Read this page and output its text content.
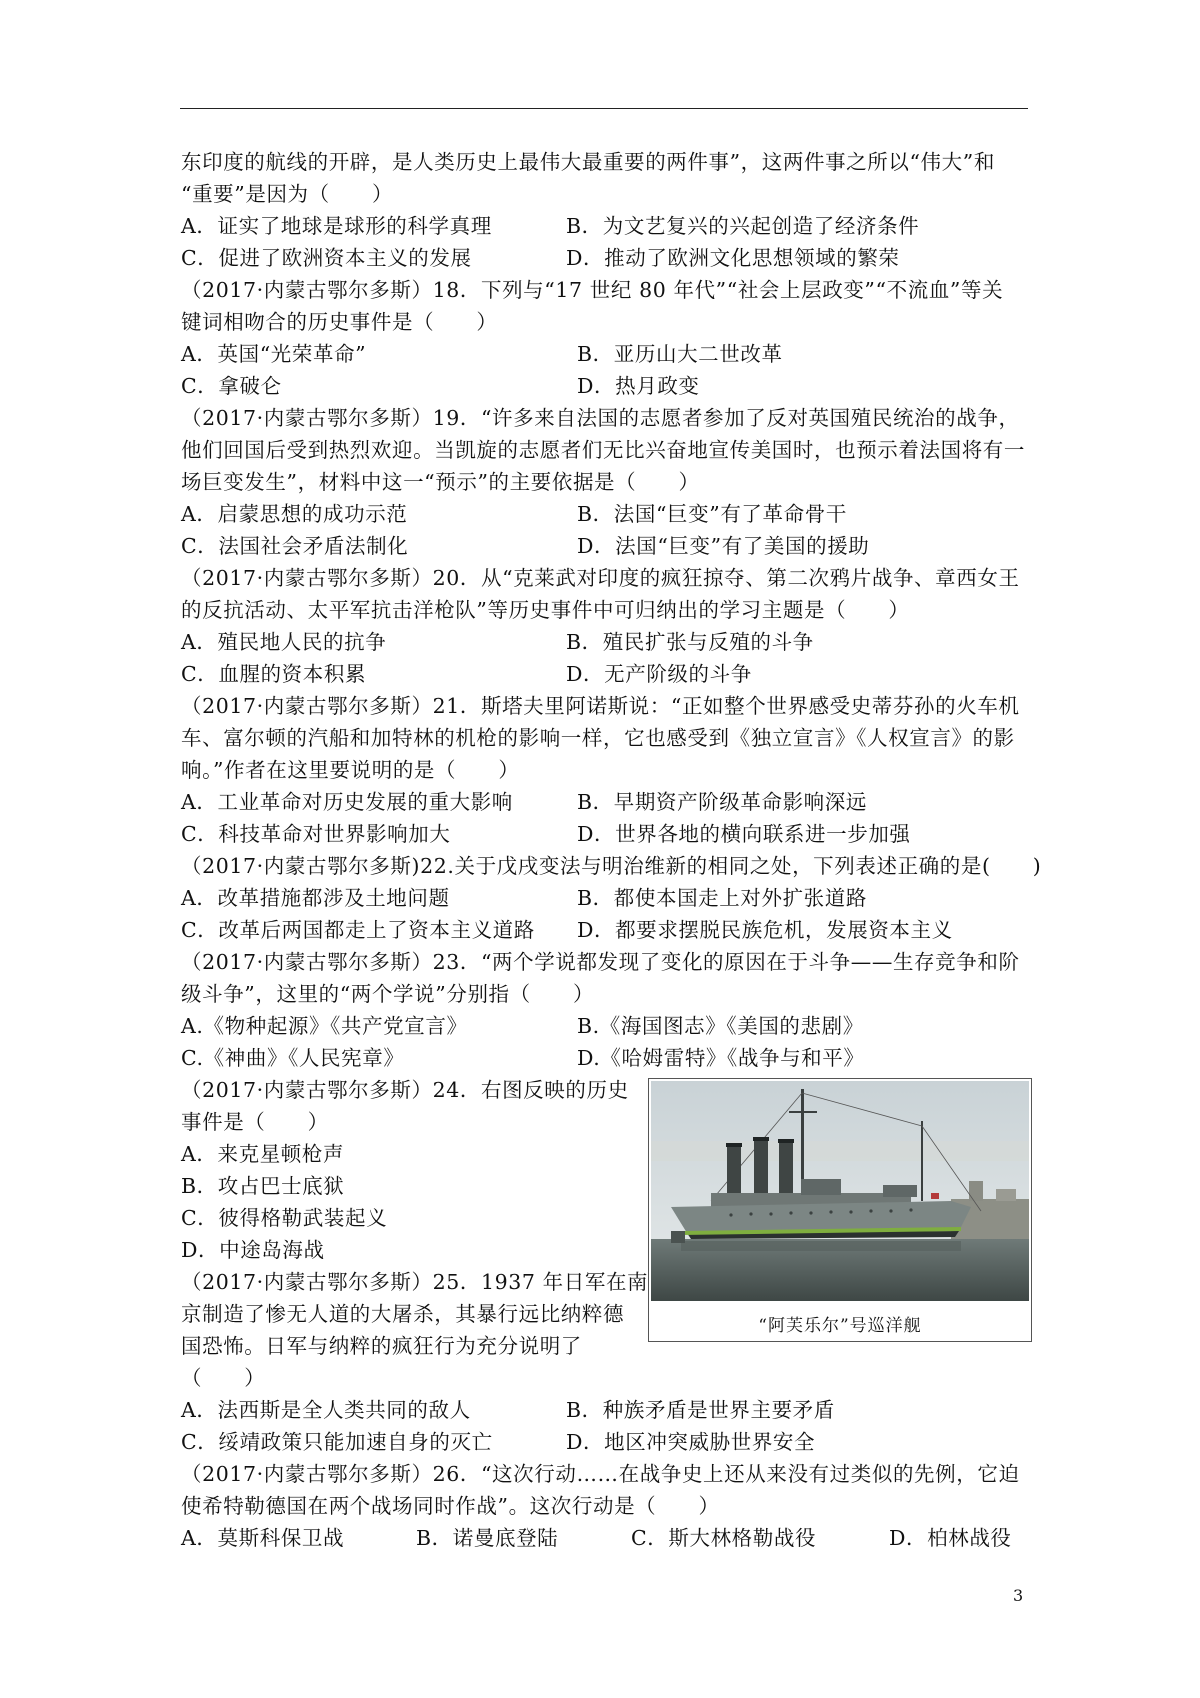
东印度的航线的开辟，是人类历史上最伟大最重要的两件事”，这两件事之所以“伟大”和
“重要”是因为（　　）
A．证实了地球是球形的科学真理	B．为文艺复兴的兴起创造了经济条件
C．促进了欧洲资本主义的发展	D．推动了欧洲文化思想领域的繁荣
（2017·内蒙古鄂尔多斯）18．下列与“17 世纪 80 年代”“社会上层政变”“不流血”等关
键词相吻合的历史事件是（　　）
A．英国“光荣革命”	B．亚历山大二世改革
C．拿破仑	D．热月政变
（2017·内蒙古鄂尔多斯）19．“许多来自法国的志愿者参加了反对英国殖民统治的战争，
他们回国后受到热烈欢迎。当凯旋的志愿者们无比兴奋地宣传美国时，也预示着法国将有一
场巨变发生”，材料中这一“预示”的主要依据是（　　）
A．启蒙思想的成功示范	B．法国“巨变”有了革命骨干
C．法国社会矛盾法制化	D．法国“巨变”有了美国的援助
（2017·内蒙古鄂尔多斯）20．从“克莱武对印度的疯狂掠夺、第二次鸦片战争、章西女王
的反抗活动、太平军抗击洋枪队”等历史事件中可归纳出的学习主题是（　　）
A．殖民地人民的抗争	B．殖民扩张与反殖的斗争
C．血腥的资本积累	D．无产阶级的斗争
（2017·内蒙古鄂尔多斯）21．斯塔夫里阿诺斯说：“正如整个世界感受史蒂芬孙的火车机
车、富尔顿的汽船和加特林的机枪的影响一样，它也感受到《独立宣言》《人权宣言》的影
响。”作者在这里要说明的是（　　）
A．工业革命对历史发展的重大影响	B．早期资产阶级革命影响深远
C．科技革命对世界影响加大	D．世界各地的横向联系进一步加强
（2017·内蒙古鄂尔多斯)22.关于戊戌变法与明治维新的相同之处，下列表述正确的是(　　)
A．改革措施都涉及土地问题	B．都使本国走上对外扩张道路
C．改革后两国都走上了资本主义道路 D．都要求摆脱民族危机，发展资本主义
（2017·内蒙古鄂尔多斯）23．“两个学说都发现了变化的原因在于斗争——生存竞争和阶
级斗争”，这里的“两个学说”分别指（　　）
A.《物种起源》《共产党宣言》	B.《海国图志》《美国的悲剧》
C.《神曲》《人民宪章》	D.《哈姆雷特》《战争与和平》
（2017·内蒙古鄂尔多斯）24．右图反映的历史
事件是（　　）
A．来克星顿枪声
B．攻占巴士底狱
C．彼得格勒武装起义
D．中途岛海战
“阿芙乐尔”号巡洋舰
（2017·内蒙古鄂尔多斯）25．1937 年日军在南
京制造了惨无人道的大屠杀，其暴行远比纳粹德
国恐怖。日军与纳粹的疯狂行为充分说明了
（　　）
A．法西斯是全人类共同的敌人	B．种族矛盾是世界主要矛盾
C．绥靖政策只能加速自身的灭亡	D．地区冲突威胁世界安全
（2017·内蒙古鄂尔多斯）26．“这次行动……在战争史上还从来没有过类似的先例，它迫
使希特勒德国在两个战场同时作战”。这次行动是（　　）
A．莫斯科保卫战	B．诺曼底登陆	C．斯大林格勒战役	D．柏林战役
3
